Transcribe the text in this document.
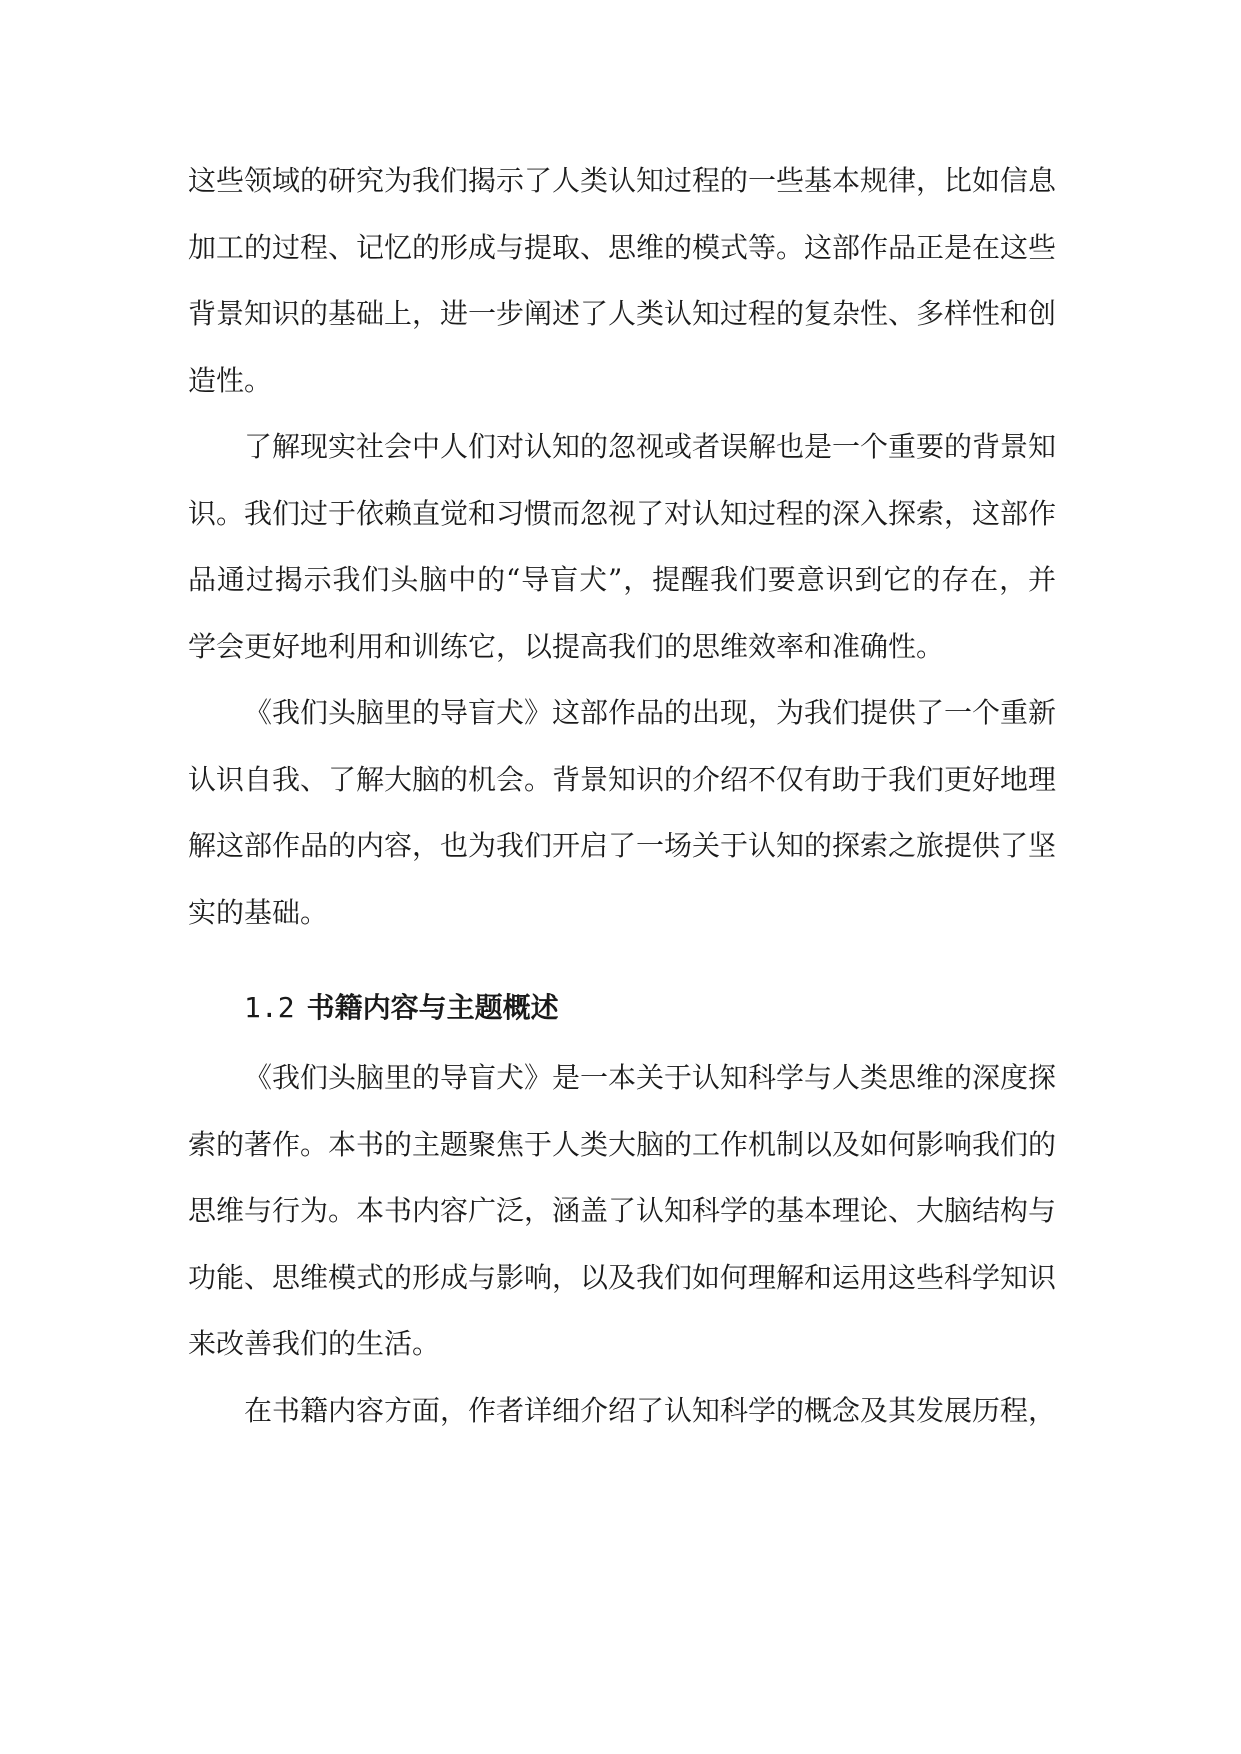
这些领域的研究为我们揭示了人类认知过程的一些基本规律，比如信息加工的过程、记忆的形成与提取、思维的模式等。这部作品正是在这些背景知识的基础上，进一步阐述了人类认知过程的复杂性、多样性和创造性。

了解现实社会中人们对认知的忽视或者误解也是一个重要的背景知识。我们过于依赖直觉和习惯而忽视了对认知过程的深入探索，这部作品通过揭示我们头脑中的“导盲犬”，提醒我们要意识到它的存在，并学会更好地利用和训练它，以提高我们的思维效率和准确性。

《我们头脑里的导盲犬》这部作品的出现，为我们提供了一个重新认识自我、了解大脑的机会。背景知识的介绍不仅有助于我们更好地理解这部作品的内容，也为我们开启了一场关于认知的探索之旅提供了坚实的基础。

1.2 书籍内容与主题概述

《我们头脑里的导盲犬》是一本关于认知科学与人类思维的深度探索的著作。本书的主题聚焦于人类大脑的工作机制以及如何影响我们的思维与行为。本书内容广泛，涵盖了认知科学的基本理论、大脑结构与功能、思维模式的形成与影响，以及我们如何理解和运用这些科学知识来改善我们的生活。

在书籍内容方面，作者详细介绍了认知科学的概念及其发展历程，
